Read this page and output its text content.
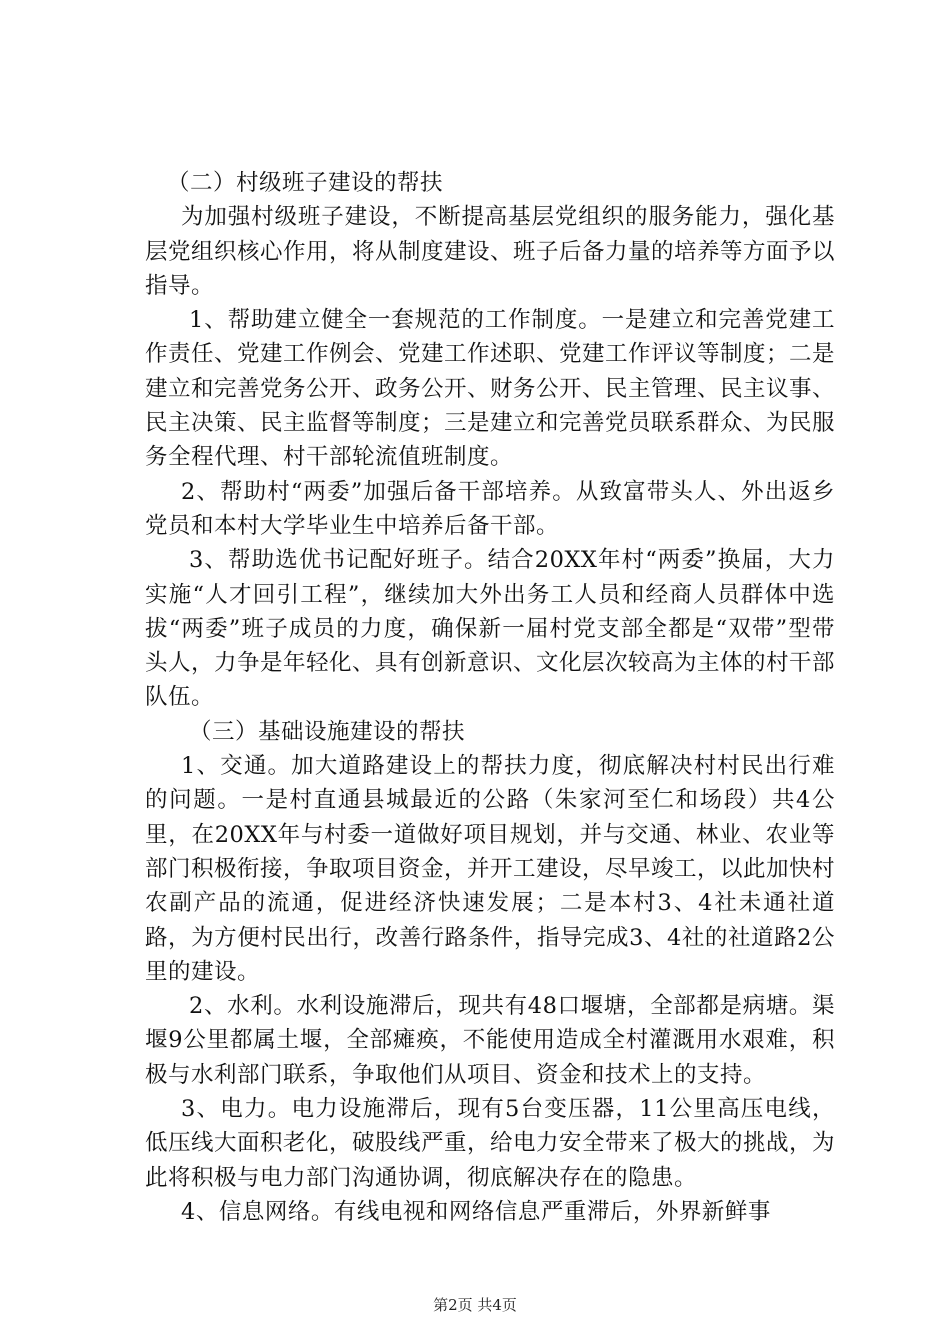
（二）村级班子建设的帮扶

为加强村级班子建设，不断提高基层党组织的服务能力，强化基层党组织核心作用，将从制度建设、班子后备力量的培养等方面予以指导。

1、帮助建立健全一套规范的工作制度。一是建立和完善党建工作责任、党建工作例会、党建工作述职、党建工作评议等制度；二是建立和完善党务公开、政务公开、财务公开、民主管理、民主议事、民主决策、民主监督等制度；三是建立和完善党员联系群众、为民服务全程代理、村干部轮流值班制度。

2、帮助村“两委”加强后备干部培养。从致富带头人、外出返乡党员和本村大学毕业生中培养后备干部。

3、帮助选优书记配好班子。结合20XX年村“两委”换届，大力实施“人才回引工程”，继续加大外出务工人员和经商人员群体中选拔“两委”班子成员的力度，确保新一届村党支部全都是“双带”型带头人，力争是年轻化、具有创新意识、文化层次较高为主体的村干部队伍。

（三）基础设施建设的帮扶

1、交通。加大道路建设上的帮扶力度，彻底解决村村民出行难的问题。一是村直通县城最近的公路（朱家河至仁和场段）共4公里，在20XX年与村委一道做好项目规划，并与交通、林业、农业等部门积极衔接，争取项目资金，并开工建设，尽早竣工，以此加快村农副产品的流通，促进经济快速发展；二是本村3、4社未通社道路，为方便村民出行，改善行路条件，指导完成3、4社的社道路2公里的建设。

2、水利。水利设施滞后，现共有48口堰塘，全部都是病塘。渠堰9公里都属土堰，全部瘫痪，不能使用造成全村灌溉用水艰难，积极与水利部门联系，争取他们从项目、资金和技术上的支持。

3、电力。电力设施滞后，现有5台变压器，11公里高压电线，低压线大面积老化，破股线严重，给电力安全带来了极大的挑战，为此将积极与电力部门沟通协调，彻底解决存在的隐患。

4、信息网络。有线电视和网络信息严重滞后，外界新鲜事

第2页 共4页
